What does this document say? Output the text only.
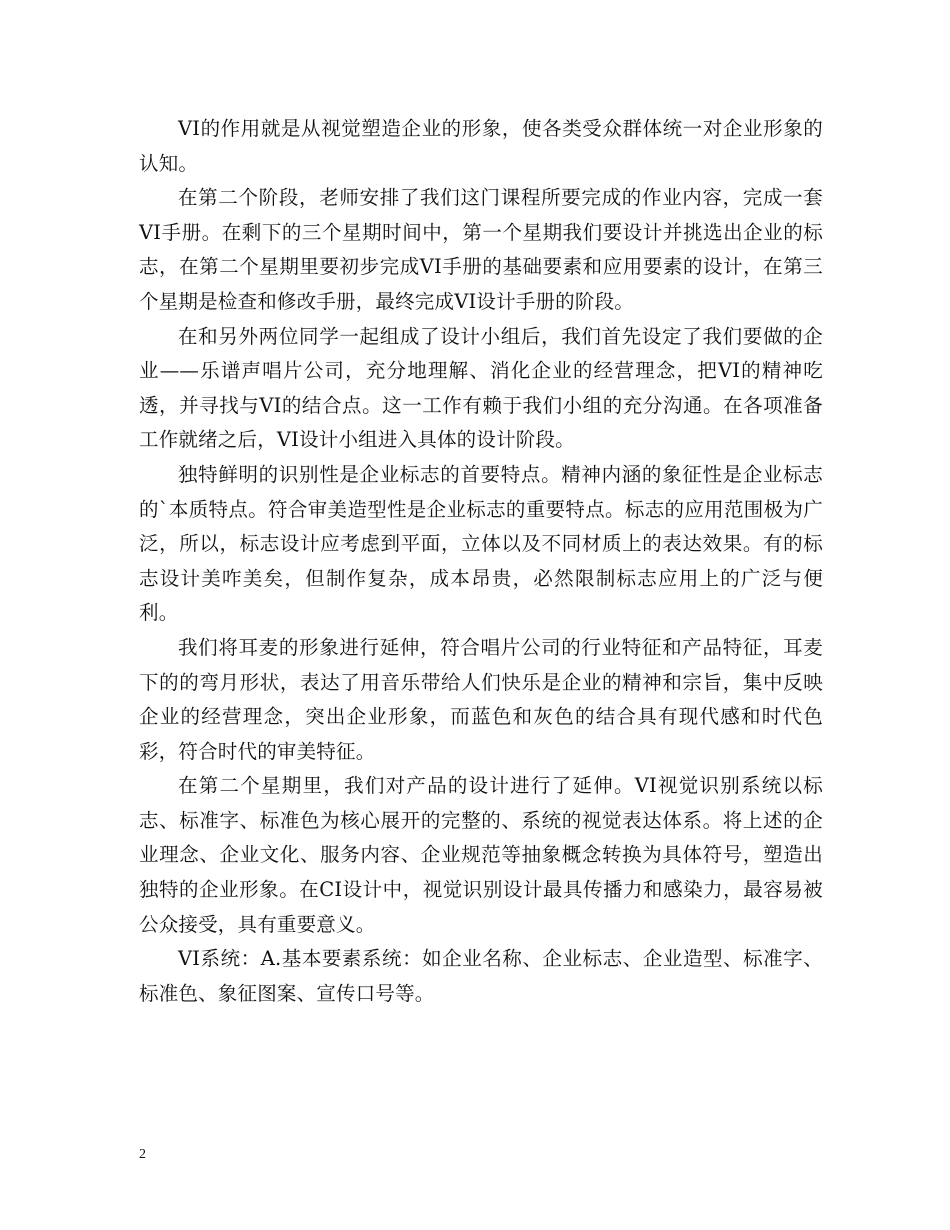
VI的作用就是从视觉塑造企业的形象，使各类受众群体统一对企业形象的认知。

在第二个阶段，老师安排了我们这门课程所要完成的作业内容，完成一套VI手册。在剩下的三个星期时间中，第一个星期我们要设计并挑选出企业的标志，在第二个星期里要初步完成VI手册的基础要素和应用要素的设计，在第三个星期是检查和修改手册，最终完成VI设计手册的阶段。

在和另外两位同学一起组成了设计小组后，我们首先设定了我们要做的企业——乐谱声唱片公司，充分地理解、消化企业的经营理念，把VI的精神吃透，并寻找与VI的结合点。这一工作有赖于我们小组的充分沟通。在各项准备工作就绪之后，VI设计小组进入具体的设计阶段。

独特鲜明的识别性是企业标志的首要特点。精神内涵的象征性是企业标志的`本质特点。符合审美造型性是企业标志的重要特点。标志的应用范围极为广泛，所以，标志设计应考虑到平面，立体以及不同材质上的表达效果。有的标志设计美咋美矣，但制作复杂，成本昂贵，必然限制标志应用上的广泛与便利。

我们将耳麦的形象进行延伸，符合唱片公司的行业特征和产品特征，耳麦下的的弯月形状，表达了用音乐带给人们快乐是企业的精神和宗旨，集中反映企业的经营理念，突出企业形象，而蓝色和灰色的结合具有现代感和时代色彩，符合时代的审美特征。

在第二个星期里，我们对产品的设计进行了延伸。VI视觉识别系统以标志、标准字、标准色为核心展开的完整的、系统的视觉表达体系。将上述的企业理念、企业文化、服务内容、企业规范等抽象概念转换为具体符号，塑造出独特的企业形象。在CI设计中，视觉识别设计最具传播力和感染力，最容易被公众接受，具有重要意义。

VI系统：A.基本要素系统：如企业名称、企业标志、企业造型、标准字、标准色、象征图案、宣传口号等。

2
